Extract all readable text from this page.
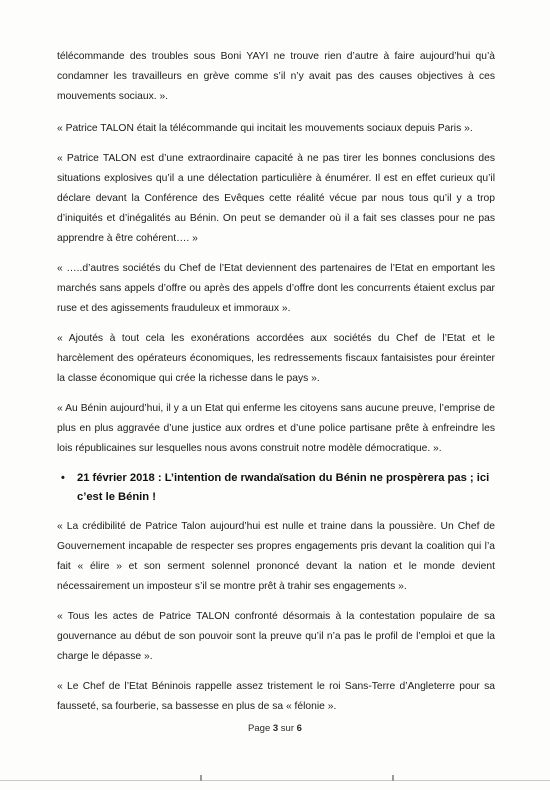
télécommande des troubles sous Boni YAYI ne trouve rien d’autre à faire aujourd’hui qu’à condamner les travailleurs en grève comme s’il n’y avait pas des causes objectives à ces mouvements sociaux. ».

« Patrice TALON était la télécommande qui incitait les mouvements sociaux depuis Paris ».

« Patrice TALON est d’une extraordinaire capacité à ne pas tirer les bonnes conclusions des situations explosives qu’il a une délectation particulière à énumérer. Il est en effet curieux qu’il déclare devant la Conférence des Evêques cette réalité vécue par nous tous qu’il y a trop d’iniquités et d’inégalités au Bénin. On peut se demander où il a fait ses classes pour ne pas apprendre à être cohérent…. »

« …..d’autres sociétés du Chef de l’Etat deviennent des partenaires de l’Etat en emportant les marchés sans appels d’offre ou après des appels d’offre dont les concurrents étaient exclus par ruse et des agissements frauduleux et immoraux ».

« Ajoutés à tout cela les exonérations accordées aux sociétés du Chef de l’Etat et le harcèlement des opérateurs économiques, les redressements fiscaux fantaisistes pour éreinter la classe économique qui crée la richesse dans le pays ».

« Au Bénin aujourd’hui, il y a un Etat qui enferme les citoyens sans aucune preuve, l’emprise de plus en plus aggravée d’une justice aux ordres et d’une police partisane prête à enfreindre les lois républicaines sur lesquelles nous avons construit notre modèle démocratique. ».

•	21 février 2018 : L’intention de rwandaïsation du Bénin ne prospèrera pas ; ici c’est le Bénin !

« La crédibilité de Patrice Talon aujourd’hui est nulle et traine dans la poussière. Un Chef de Gouvernement incapable de respecter ses propres engagements pris devant la coalition qui l’a fait « élire » et son serment solennel prononcé devant la nation et le monde devient nécessairement un imposteur s’il se montre prêt à trahir ses engagements ».

« Tous les actes de Patrice TALON confronté désormais à la contestation populaire de sa gouvernance au début de son pouvoir sont la preuve qu’il n’a pas le profil de l’emploi et que la charge le dépasse ».

« Le Chef de l’Etat Béninois rappelle assez tristement le roi Sans-Terre d’Angleterre pour sa fausseté, sa fourberie, sa bassesse en plus de sa « félonie ».

Page 3 sur 6
